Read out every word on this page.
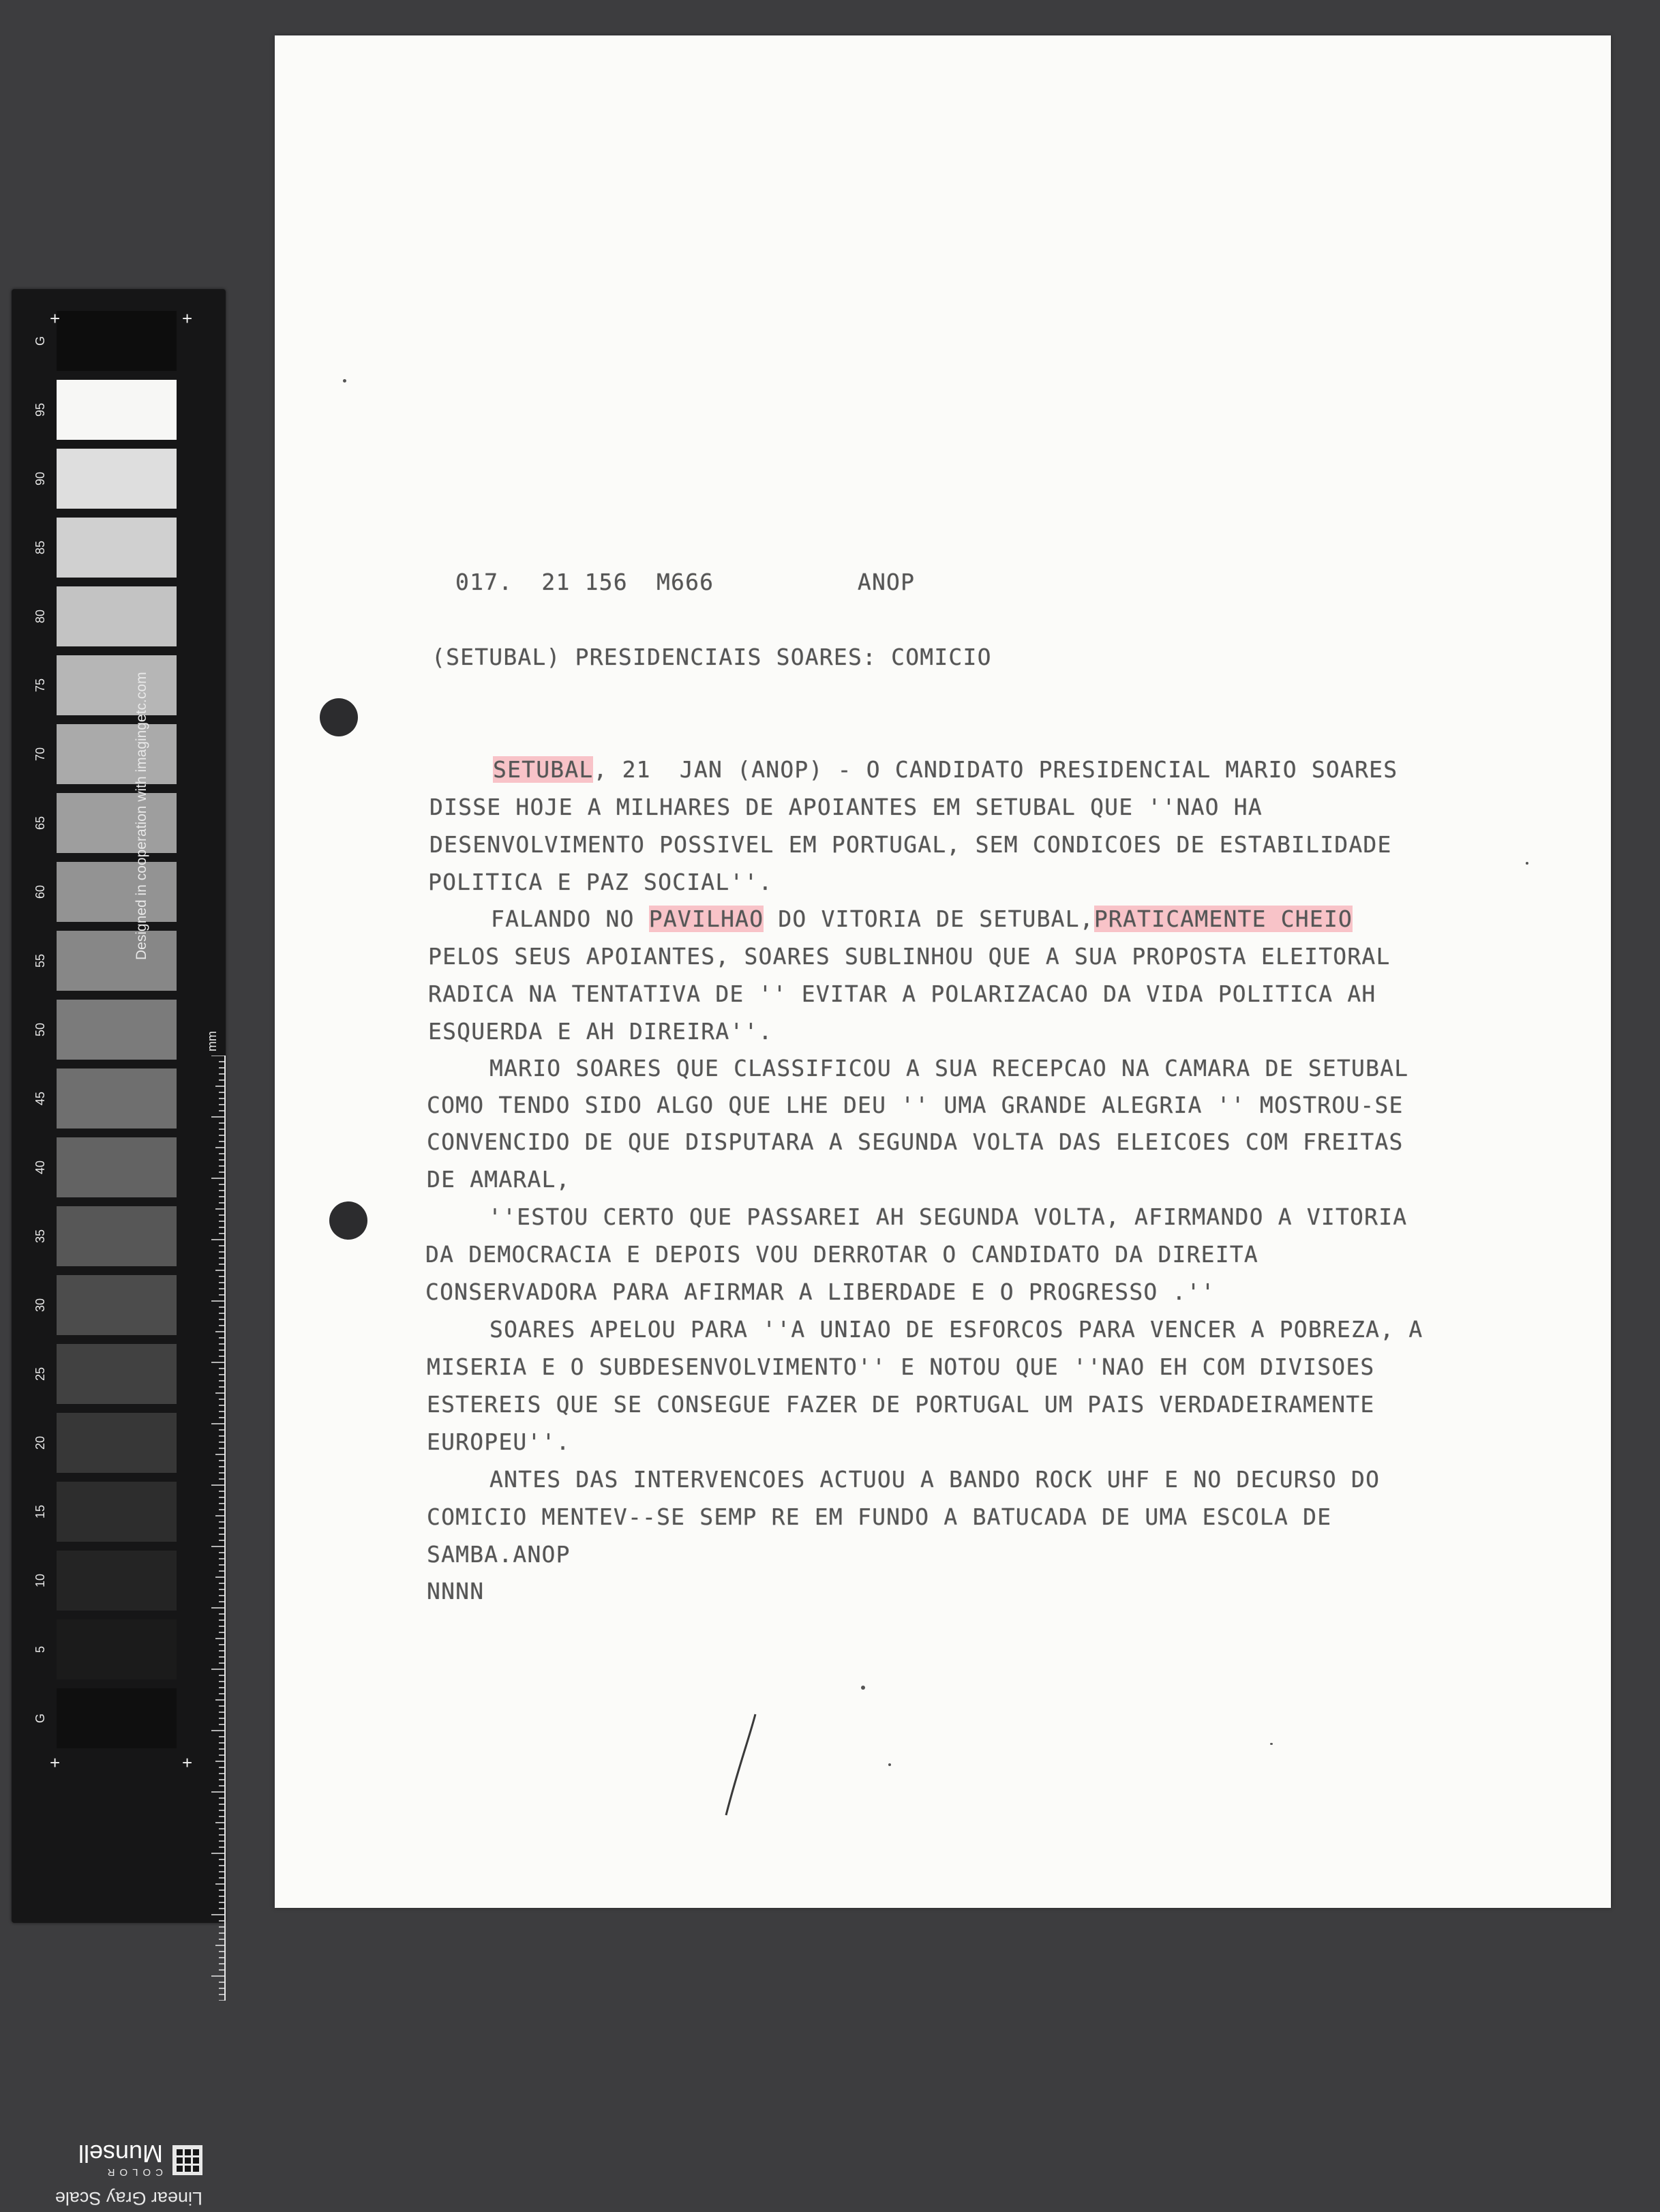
G
95
90
85
80
75
70
65
60
55
50
45
40
35
30
25
20
15
10
5
G
+	+
+	+
Designed in cooperation with imagingetc.com
mm
Linear Gray Scale
COLOR
Munsell

017.  21 156  M666          ANOP

(SETUBAL) PRESIDENCIAIS SOARES: COMICIO

SETUBAL, 21  JAN (ANOP) - O CANDIDATO PRESIDENCIAL MARIO SOARES

DISSE HOJE A MILHARES DE APOIANTES EM SETUBAL QUE ''NAO HA

DESENVOLVIMENTO POSSIVEL EM PORTUGAL, SEM CONDICOES DE ESTABILIDADE

POLITICA E PAZ SOCIAL''.

FALANDO NO PAVILHAO DO VITORIA DE SETUBAL,PRATICAMENTE CHEIO

PELOS SEUS APOIANTES, SOARES SUBLINHOU QUE A SUA PROPOSTA ELEITORAL

RADICA NA TENTATIVA DE '' EVITAR A POLARIZACAO DA VIDA POLITICA AH

ESQUERDA E AH DIREIRA''.

MARIO SOARES QUE CLASSIFICOU A SUA RECEPCAO NA CAMARA DE SETUBAL

COMO TENDO SIDO ALGO QUE LHE DEU '' UMA GRANDE ALEGRIA '' MOSTROU-SE

CONVENCIDO DE QUE DISPUTARA A SEGUNDA VOLTA DAS ELEICOES COM FREITAS

DE AMARAL,

''ESTOU CERTO QUE PASSAREI AH SEGUNDA VOLTA, AFIRMANDO A VITORIA

DA DEMOCRACIA E DEPOIS VOU DERROTAR O CANDIDATO DA DIREITA

CONSERVADORA PARA AFIRMAR A LIBERDADE E O PROGRESSO .''

SOARES APELOU PARA ''A UNIAO DE ESFORCOS PARA VENCER A POBREZA, A

MISERIA E O SUBDESENVOLVIMENTO'' E NOTOU QUE ''NAO EH COM DIVISOES

ESTEREIS QUE SE CONSEGUE FAZER DE PORTUGAL UM PAIS VERDADEIRAMENTE

EUROPEU''.

ANTES DAS INTERVENCOES ACTUOU A BANDO ROCK UHF E NO DECURSO DO

COMICIO MENTEV--SE SEMP RE EM FUNDO A BATUCADA DE UMA ESCOLA DE

SAMBA.ANOP

NNNN
